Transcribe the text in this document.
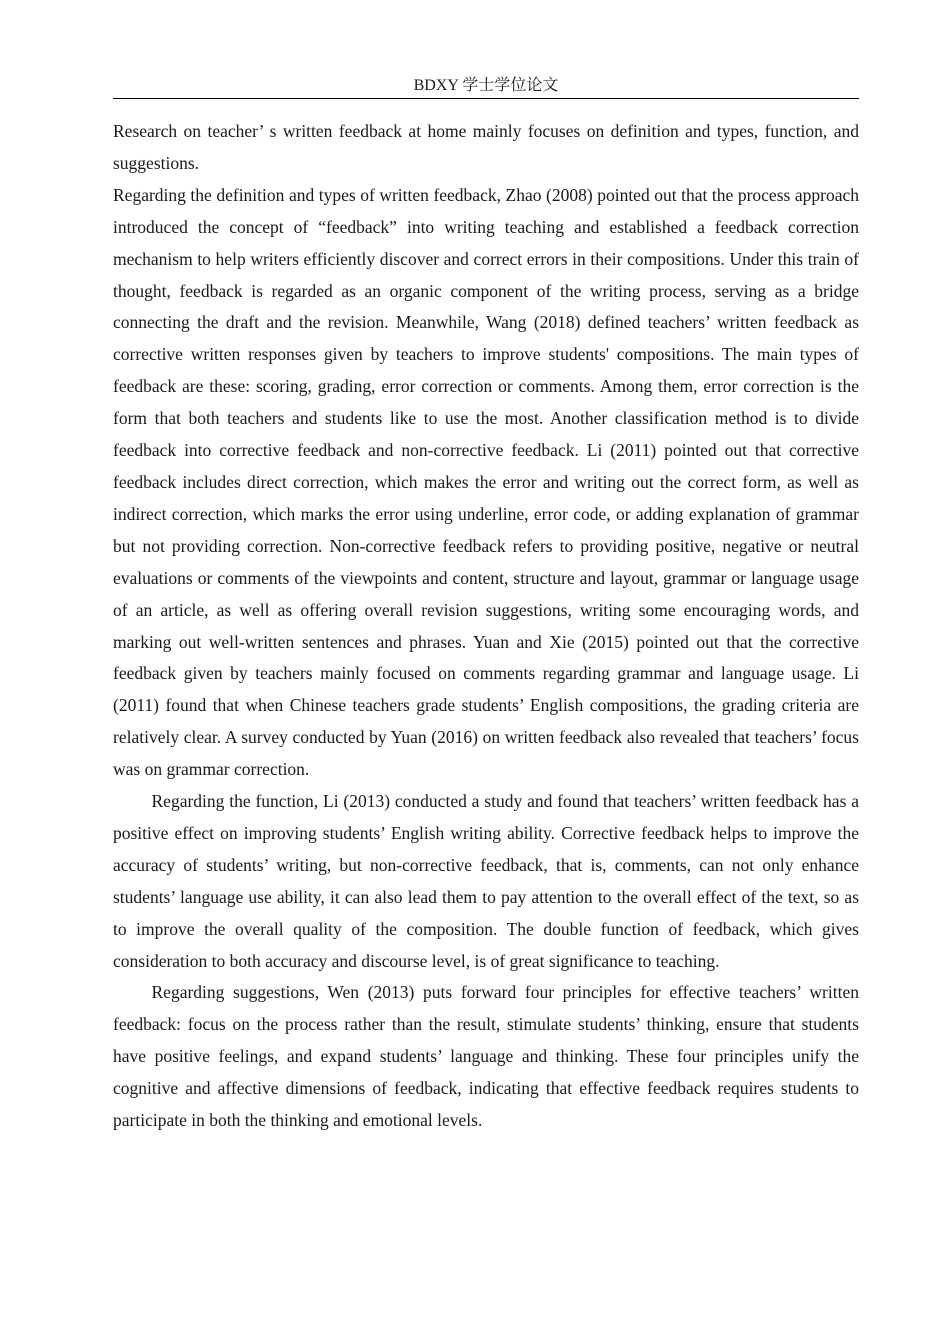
BDXY 学士学位论文

Research on teacher’ s written feedback at home mainly focuses on definition and types, function, and suggestions.

Regarding the definition and types of written feedback, Zhao (2008) pointed out that the process approach introduced the concept of “feedback” into writing teaching and established a feedback correction mechanism to help writers efficiently discover and correct errors in their compositions. Under this train of thought, feedback is regarded as an organic component of the writing process, serving as a bridge connecting the draft and the revision. Meanwhile, Wang (2018) defined teachers’ written feedback as corrective written responses given by teachers to improve students' compositions. The main types of feedback are these: scoring, grading, error correction or comments. Among them, error correction is the form that both teachers and students like to use the most. Another classification method is to divide feedback into corrective feedback and non-corrective feedback. Li (2011) pointed out that corrective feedback includes direct correction, which makes the error and writing out the correct form, as well as indirect correction, which marks the error using underline, error code, or adding explanation of grammar but not providing correction. Non-corrective feedback refers to providing positive, negative or neutral evaluations or comments of the viewpoints and content, structure and layout, grammar or language usage of an article, as well as offering overall revision suggestions, writing some encouraging words, and marking out well-written sentences and phrases. Yuan and Xie (2015) pointed out that the corrective feedback given by teachers mainly focused on comments regarding grammar and language usage. Li (2011) found that when Chinese teachers grade students’ English compositions, the grading criteria are relatively clear. A survey conducted by Yuan (2016) on written feedback also revealed that teachers’ focus was on grammar correction.

Regarding the function, Li (2013) conducted a study and found that teachers’ written feedback has a positive effect on improving students’ English writing ability. Corrective feedback helps to improve the accuracy of students’ writing, but non-corrective feedback, that is, comments, can not only enhance students’ language use ability, it can also lead them to pay attention to the overall effect of the text, so as to improve the overall quality of the composition. The double function of feedback, which gives consideration to both accuracy and discourse level, is of great significance to teaching.

Regarding suggestions, Wen (2013) puts forward four principles for effective teachers’ written feedback: focus on the process rather than the result, stimulate students’ thinking, ensure that students have positive feelings, and expand students’ language and thinking. These four principles unify the cognitive and affective dimensions of feedback, indicating that effective feedback requires students to participate in both the thinking and emotional levels.
